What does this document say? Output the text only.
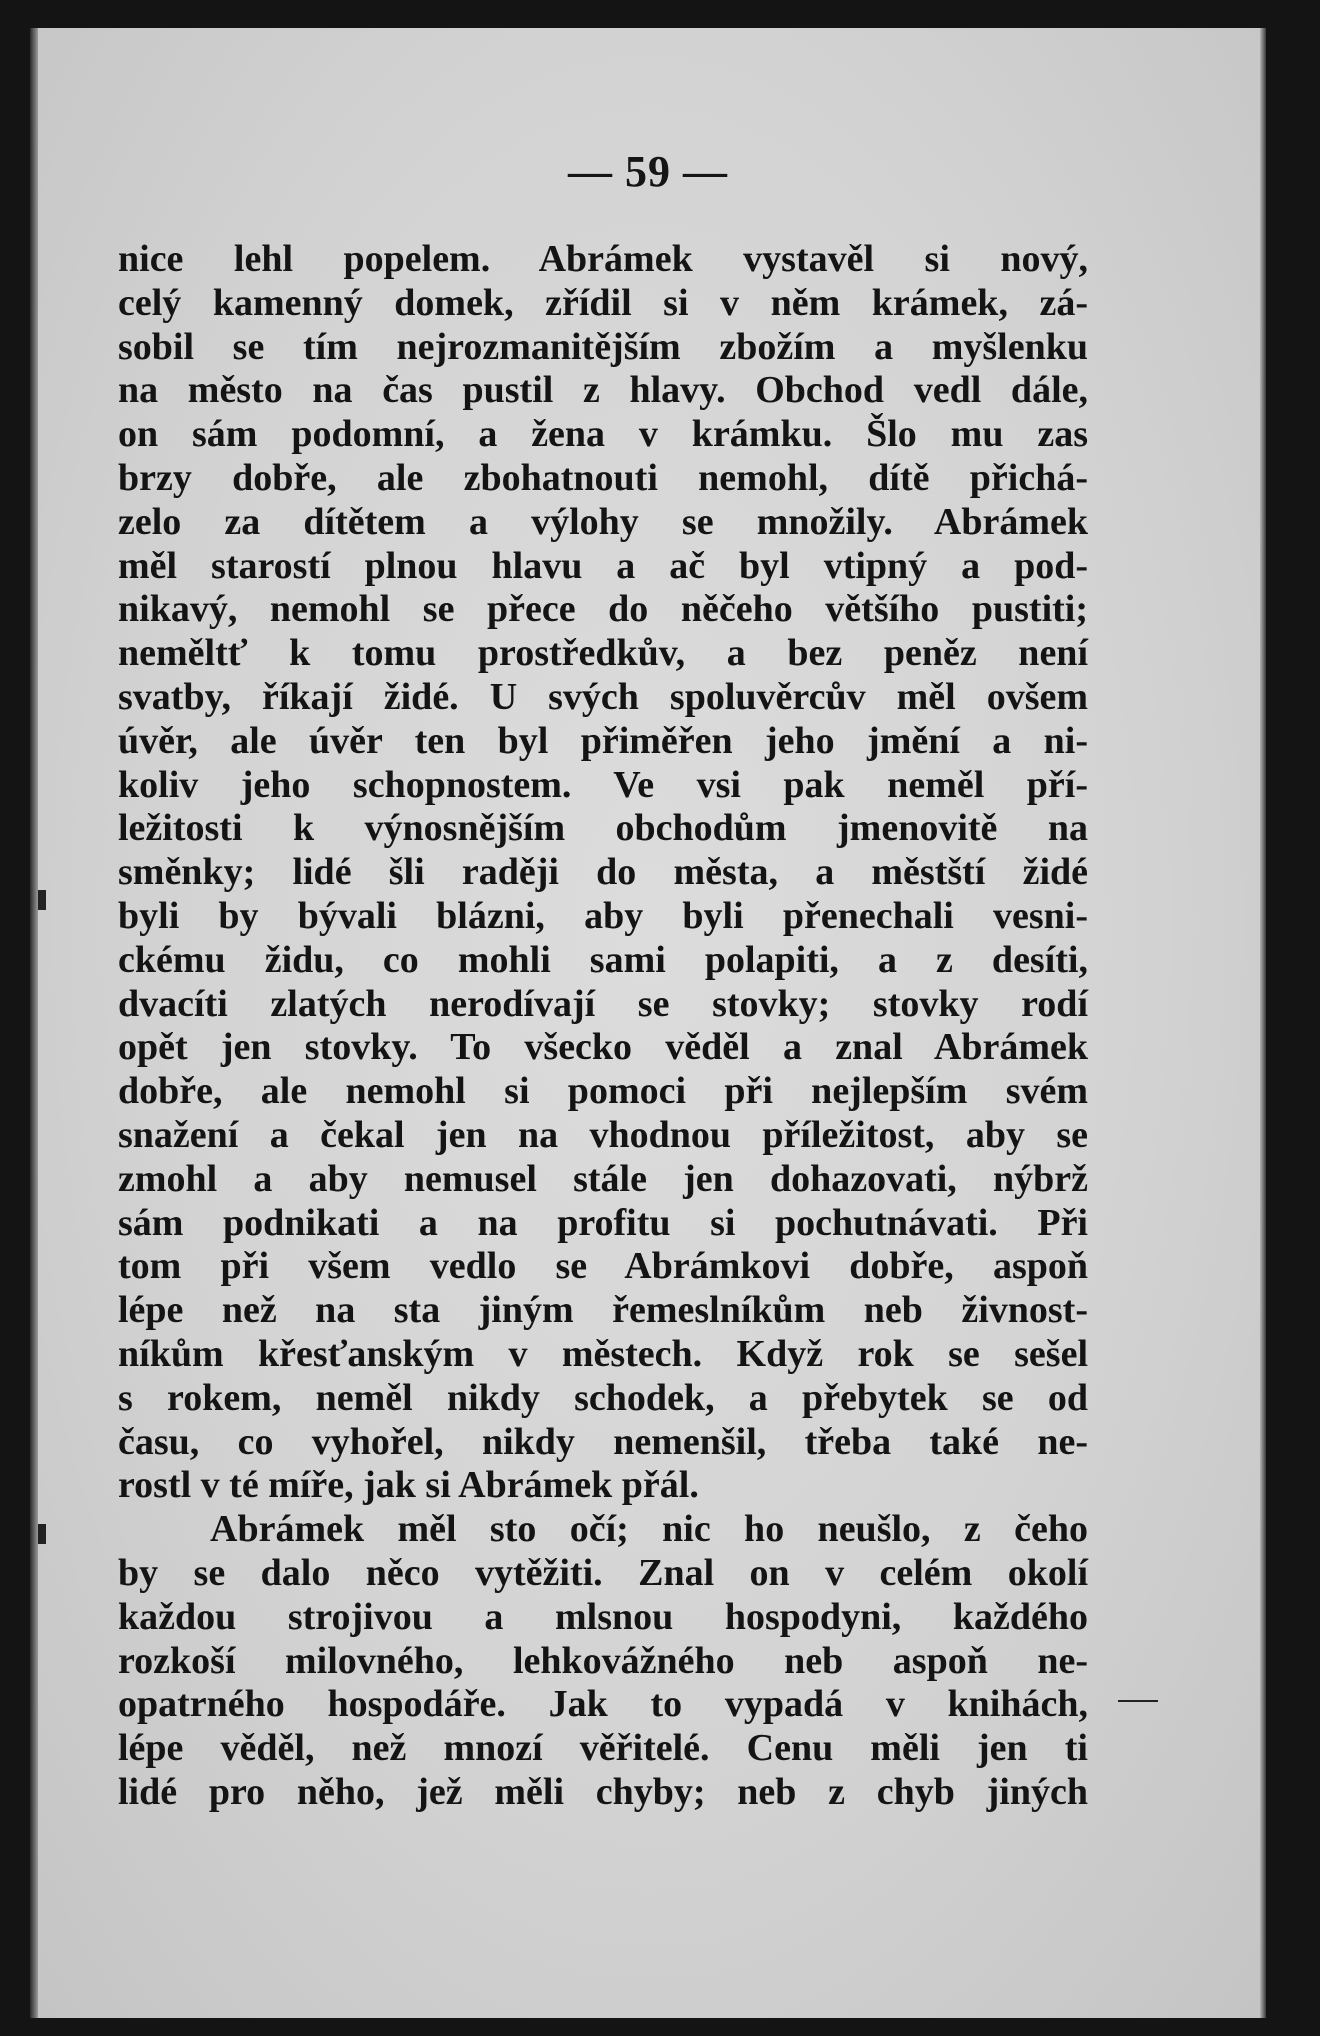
— 59 —
nice lehl popelem. Abrámek vystavěl si nový,
celý kamenný domek, zřídil si v něm krámek, zá-
sobil se tím nejrozmanitějším zbožím a myšlenku
na město na čas pustil z hlavy. Obchod vedl dále,
on sám podomní, a žena v krámku. Šlo mu zas
brzy dobře, ale zbohatnouti nemohl, dítě přichá-
zelo za dítětem a výlohy se množily. Abrámek
měl starostí plnou hlavu a ač byl vtipný a pod-
nikavý, nemohl se přece do něčeho většího pustiti;
neměltť k tomu prostředkův, a bez peněz není
svatby, říkají židé. U svých spoluvěrcův měl ovšem
úvěr, ale úvěr ten byl přiměřen jeho jmění a ni-
koliv jeho schopnostem. Ve vsi pak neměl pří-
ležitosti k výnosnějším obchodům jmenovitě na
směnky; lidé šli raději do města, a městští židé
byli by bývali blázni, aby byli přenechali vesni-
ckému židu, co mohli sami polapiti, a z desíti,
dvacíti zlatých nerodívají se stovky; stovky rodí
opět jen stovky. To všecko věděl a znal Abrámek
dobře, ale nemohl si pomoci při nejlepším svém
snažení a čekal jen na vhodnou příležitost, aby se
zmohl a aby nemusel stále jen dohazovati, nýbrž
sám podnikati a na profitu si pochutnávati. Při
tom při všem vedlo se Abrámkovi dobře, aspoň
lépe než na sta jiným řemeslníkům neb živnost-
níkům křesťanským v městech. Když rok se sešel
s rokem, neměl nikdy schodek, a přebytek se od
času, co vyhořel, nikdy nemenšil, třeba také ne-
rostl v té míře, jak si Abrámek přál.
Abrámek měl sto očí; nic ho neušlo, z čeho
by se dalo něco vytěžiti. Znal on v celém okolí
každou strojivou a mlsnou hospodyni, každého
rozkoší milovného, lehkovážného neb aspoň ne-
opatrného hospodáře. Jak to vypadá v knihách,
lépe věděl, než mnozí věřitelé. Cenu měli jen ti
lidé pro něho, jež měli chyby; neb z chyb jiných
